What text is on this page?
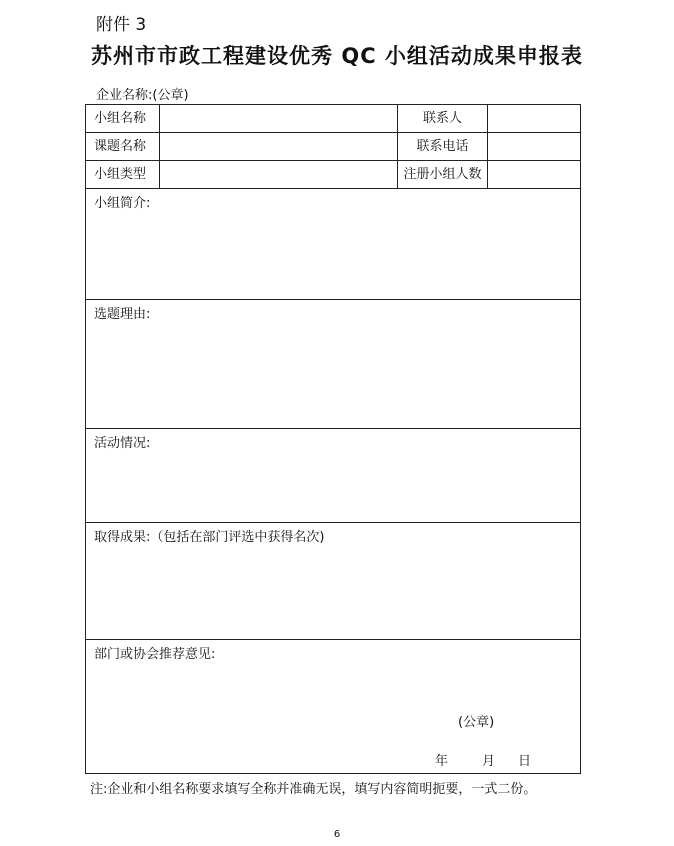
附件 3
苏州市市政工程建设优秀 QC 小组活动成果申报表
企业名称:(公章)
小组名称	联系人
课题名称	联系电话
小组类型	注册小组人数
小组简介:
选题理由:
活动情况:
取得成果:（包括在部门评选中获得名次)
部门或协会推荐意见:
(公章)
年	月 日
注:企业和小组名称要求填写全称并准确无误，填写内容简明扼要，一式二份。
6
